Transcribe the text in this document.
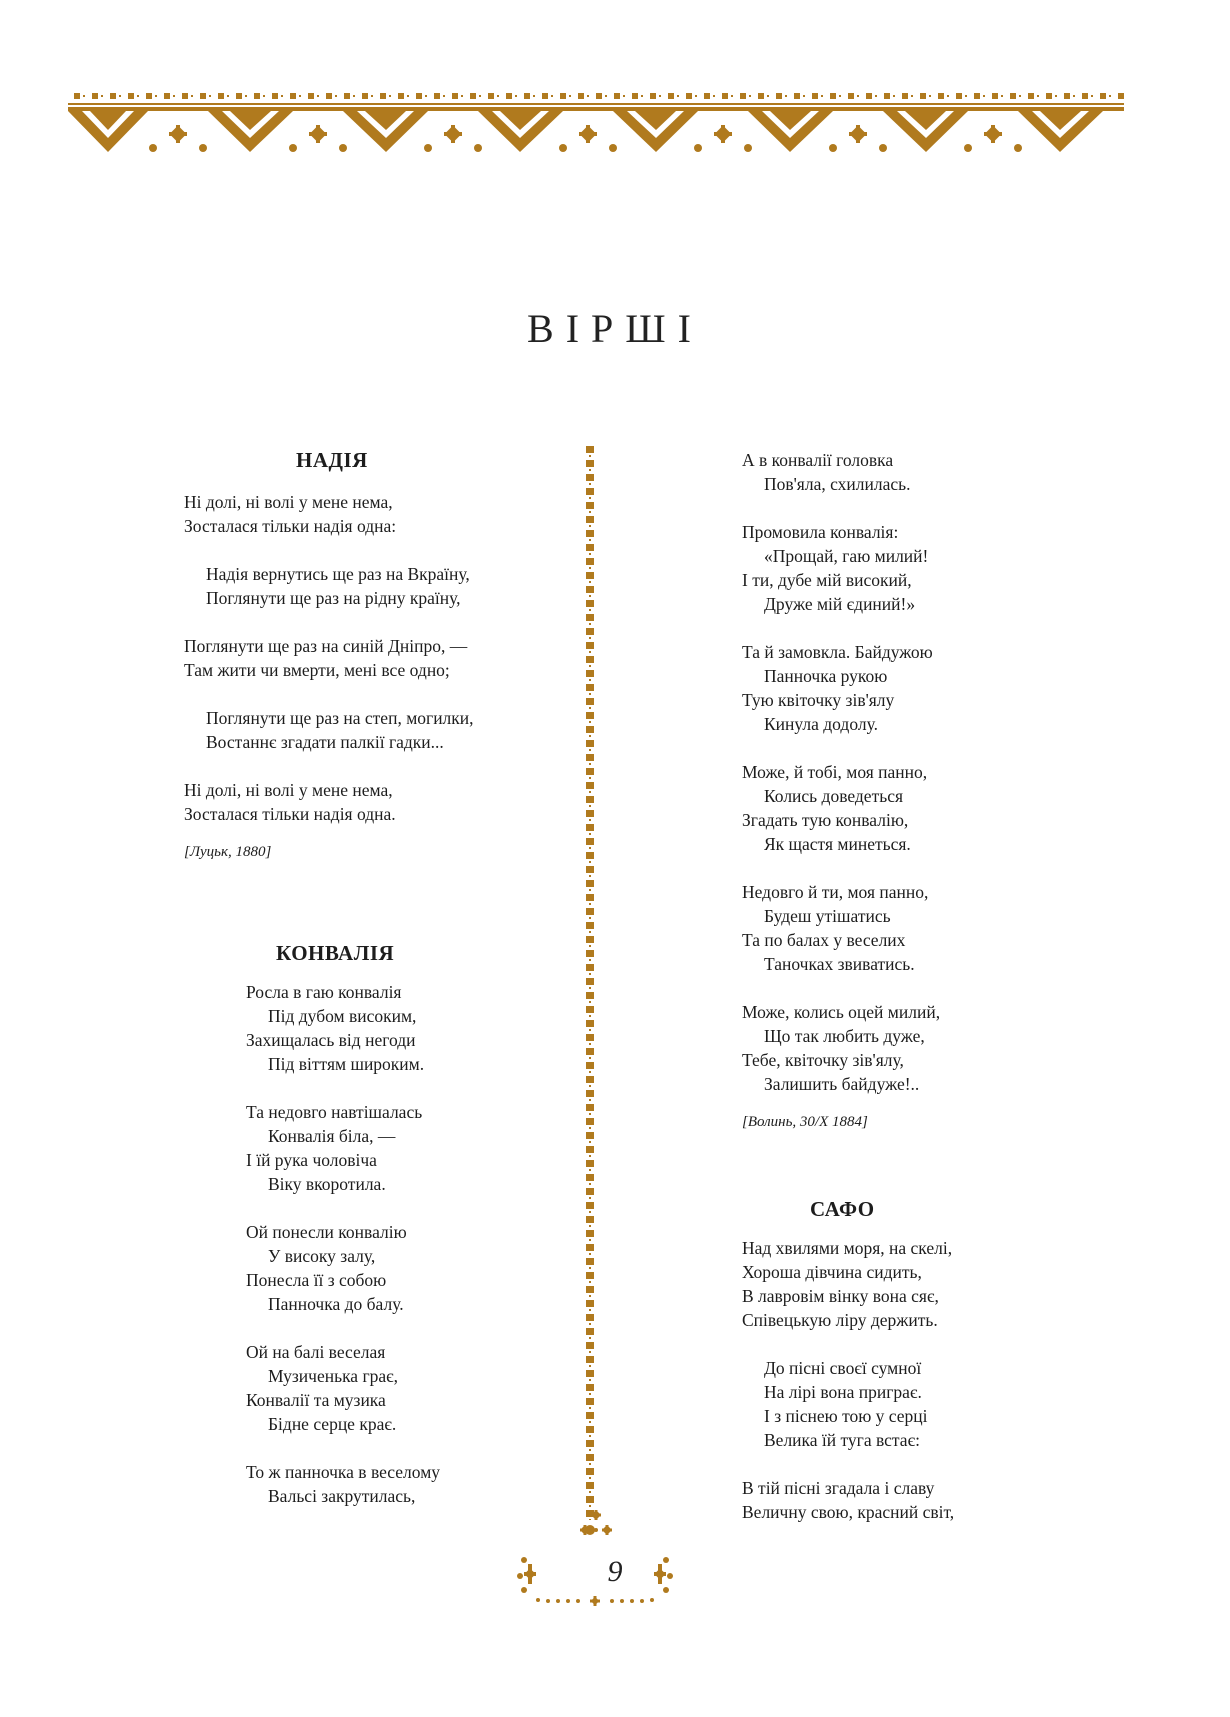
ВІРШІ
НАДІЯ
Ні долі, ні волі у мене нема,
Зосталася тільки надія одна:
Надія вернутись ще раз на Вкраїну,
Поглянути ще раз на рідну країну,
Поглянути ще раз на синій Дніпро, —
Там жити чи вмерти, мені все одно;
Поглянути ще раз на степ, могилки,
Востаннє згадати палкії гадки...
Ні долі, ні волі у мене нема,
Зосталася тільки надія одна.

[Луцьк, 1880]

КОНВАЛІЯ
Росла в гаю конвалія
Під дубом високим,
Захищалась від негоди
Під віттям широким.
Та недовго навтішалась
Конвалія біла, —
І їй рука чоловіча
Віку вкоротила.
Ой понесли конвалію
У високу залу,
Понесла її з собою
Панночка до балу.
Ой на балі веселая
Музиченька грає,
Конвалії та музика
Бідне серце крає.
То ж панночка в веселому
Вальсі закрутилась,
А в конвалії головка
Пов'яла, схилилась.
Промовила конвалія:
«Прощай, гаю милий!
І ти, дубе мій високий,
Друже мій єдиний!»
Та й замовкла. Байдужою
Панночка рукою
Тую квіточку зів'ялу
Кинула додолу.
Може, й тобі, моя панно,
Колись доведеться
Згадать тую конвалію,
Як щастя минеться.
Недовго й ти, моя панно,
Будеш утішатись
Та по балах у веселих
Таночках звиватись.
Може, колись оцей милий,
Що так любить дуже,
Тебе, квіточку зів'ялу,
Залишить байдуже!..

[Волинь, 30/X 1884]

САФО
Над хвилями моря, на скелі,
Хороша дівчина сидить,
В лавровім вінку вона сяє,
Співецькую ліру держить.
До пісні своєї сумної
На лірі вона приграє.
І з піснею тою у серці
Велика їй туга встає:
В тій пісні згадала і славу
Величну свою, красний світ,
9
